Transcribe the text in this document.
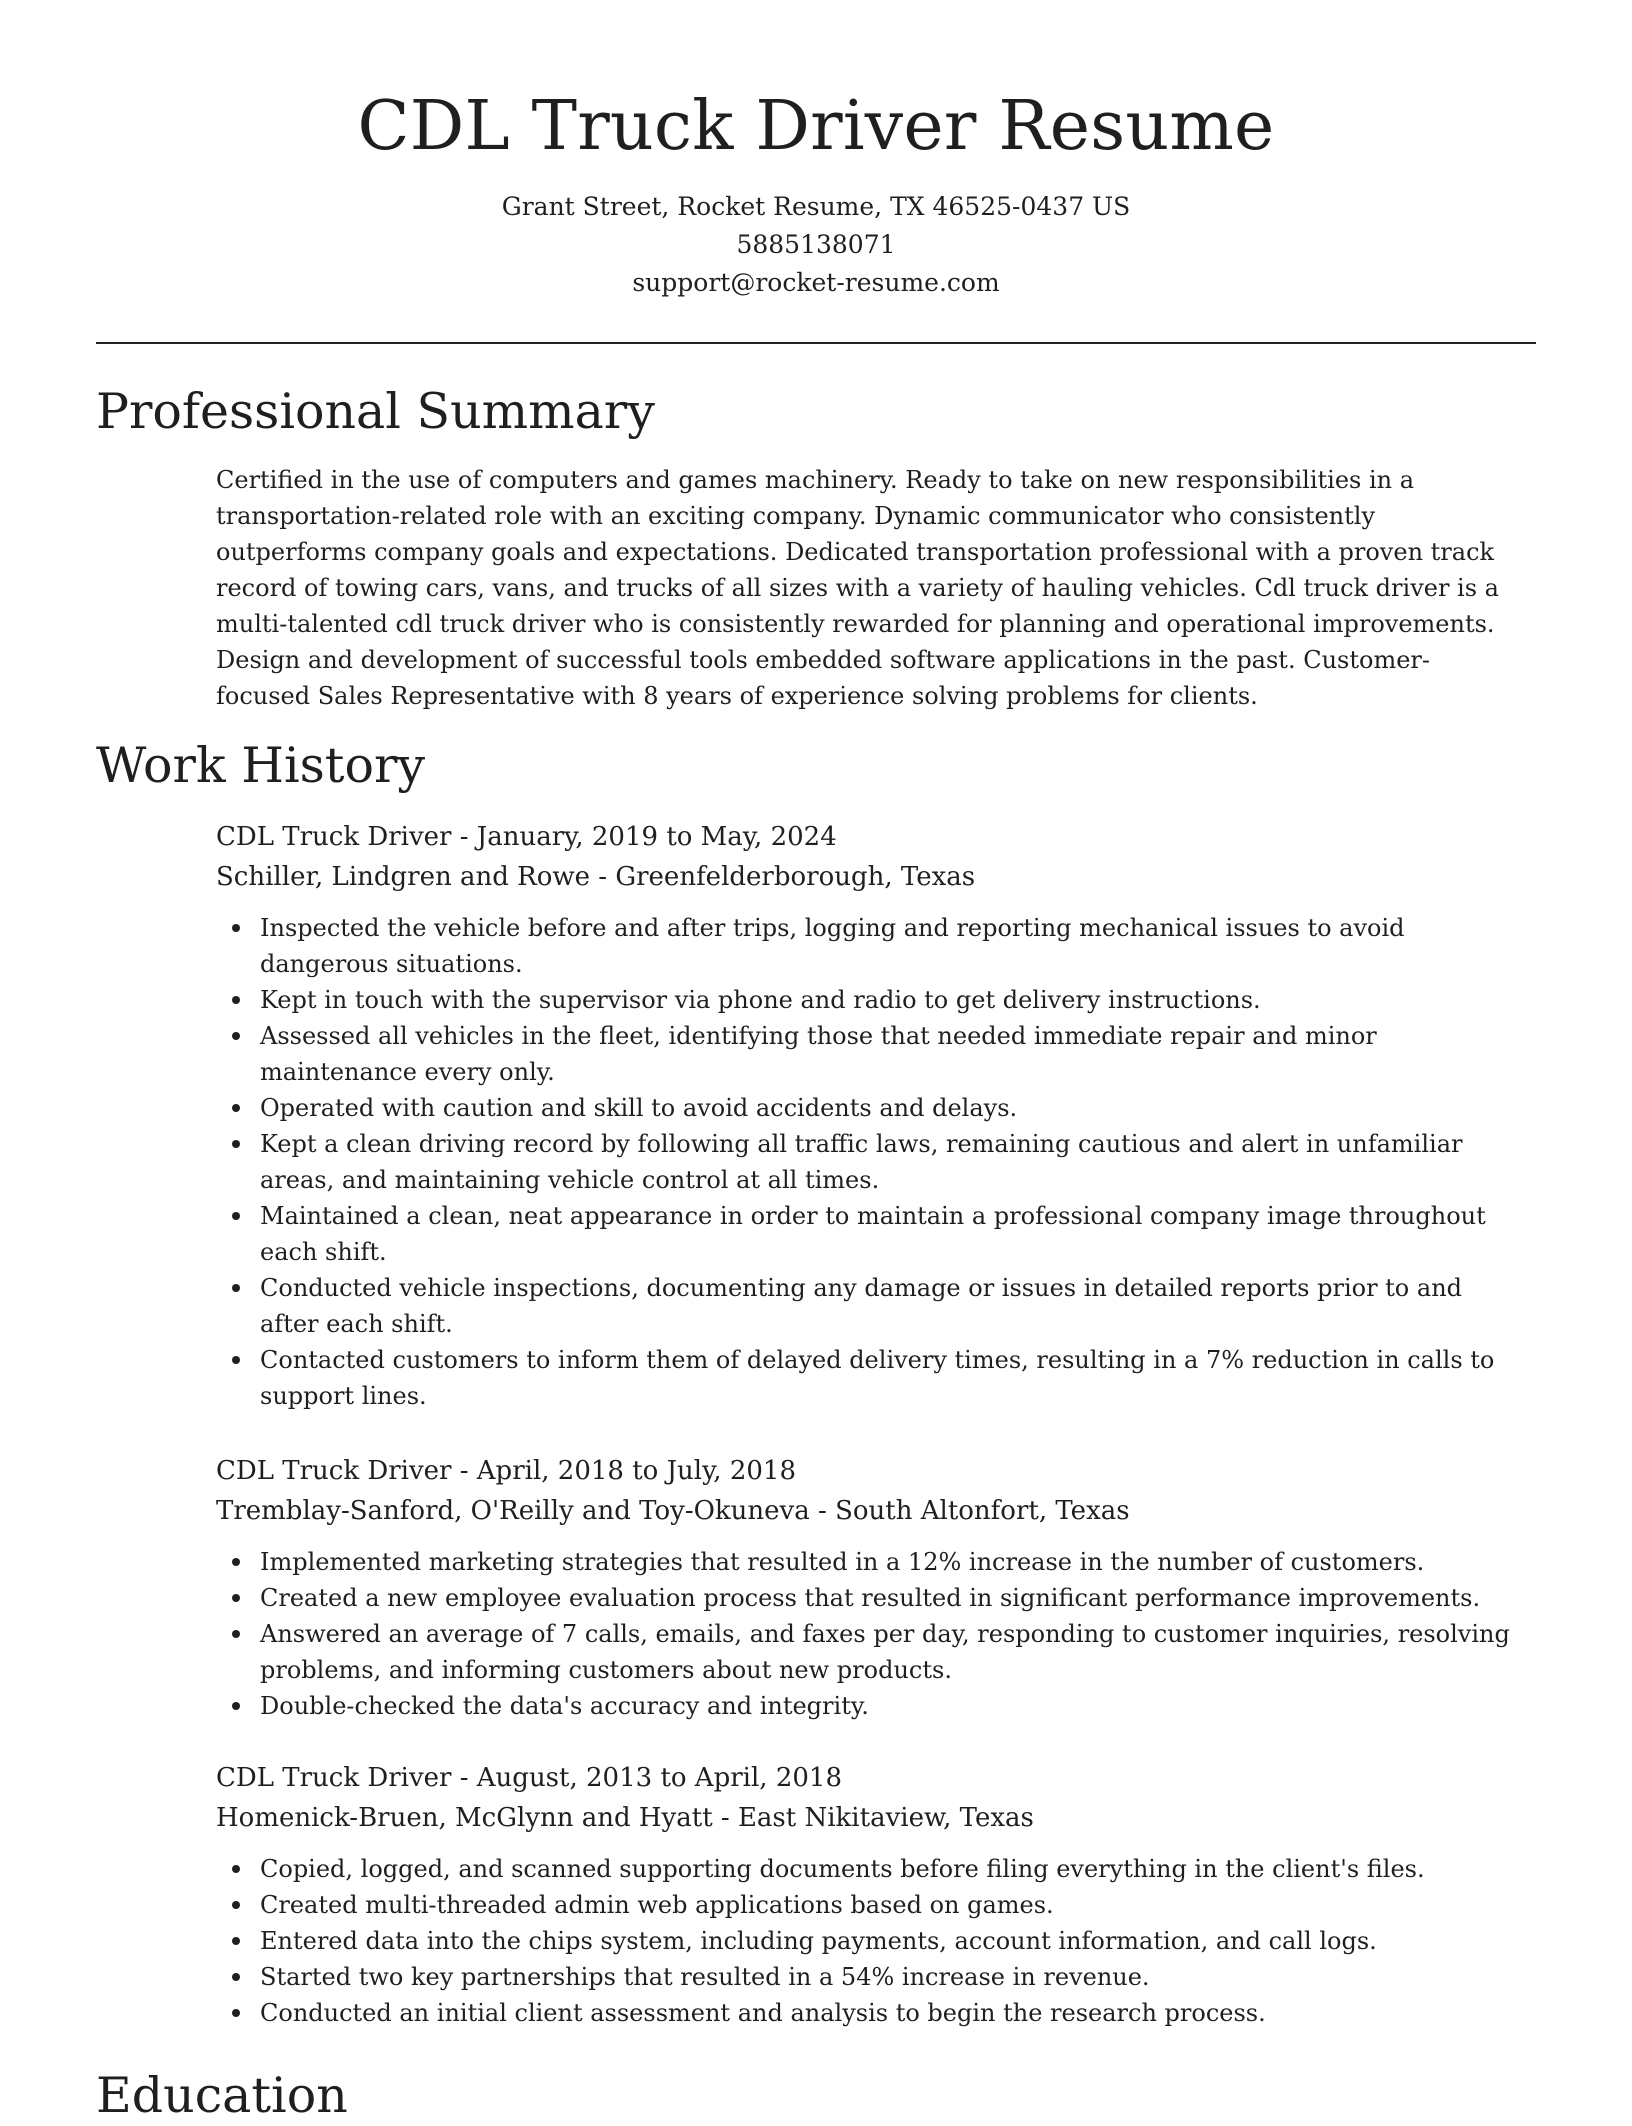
CDL Truck Driver Resume
Grant Street, Rocket Resume, TX 46525-0437 US
5885138071
support@rocket-resume.com
Professional Summary

Certified in the use of computers and games machinery. Ready to take on new responsibilities in a transportation-related role with an exciting company. Dynamic communicator who consistently outperforms company goals and expectations. Dedicated transportation professional with a proven track record of towing cars, vans, and trucks of all sizes with a variety of hauling vehicles. Cdl truck driver is a multi-talented cdl truck driver who is consistently rewarded for planning and operational improvements. Design and development of successful tools embedded software applications in the past. Customer-focused Sales Representative with 8 years of experience solving problems for clients.

Work History
CDL Truck Driver - January, 2019 to May, 2024
Schiller, Lindgren and Rowe - Greenfelderborough, Texas
Inspected the vehicle before and after trips, logging and reporting mechanical issues to avoid dangerous situations.
Kept in touch with the supervisor via phone and radio to get delivery instructions.
Assessed all vehicles in the fleet, identifying those that needed immediate repair and minor maintenance every only.
Operated with caution and skill to avoid accidents and delays.
Kept a clean driving record by following all traffic laws, remaining cautious and alert in unfamiliar areas, and maintaining vehicle control at all times.
Maintained a clean, neat appearance in order to maintain a professional company image throughout each shift.
Conducted vehicle inspections, documenting any damage or issues in detailed reports prior to and after each shift.
Contacted customers to inform them of delayed delivery times, resulting in a 7% reduction in calls to support lines.
CDL Truck Driver - April, 2018 to July, 2018
Tremblay-Sanford, O'Reilly and Toy-Okuneva - South Altonfort, Texas
Implemented marketing strategies that resulted in a 12% increase in the number of customers.
Created a new employee evaluation process that resulted in significant performance improvements.
Answered an average of 7 calls, emails, and faxes per day, responding to customer inquiries, resolving problems, and informing customers about new products.
Double-checked the data's accuracy and integrity.
CDL Truck Driver - August, 2013 to April, 2018
Homenick-Bruen, McGlynn and Hyatt - East Nikitaview, Texas
Copied, logged, and scanned supporting documents before filing everything in the client's files.
Created multi-threaded admin web applications based on games.
Entered data into the chips system, including payments, account information, and call logs.
Started two key partnerships that resulted in a 54% increase in revenue.
Conducted an initial client assessment and analysis to begin the research process.
Education
